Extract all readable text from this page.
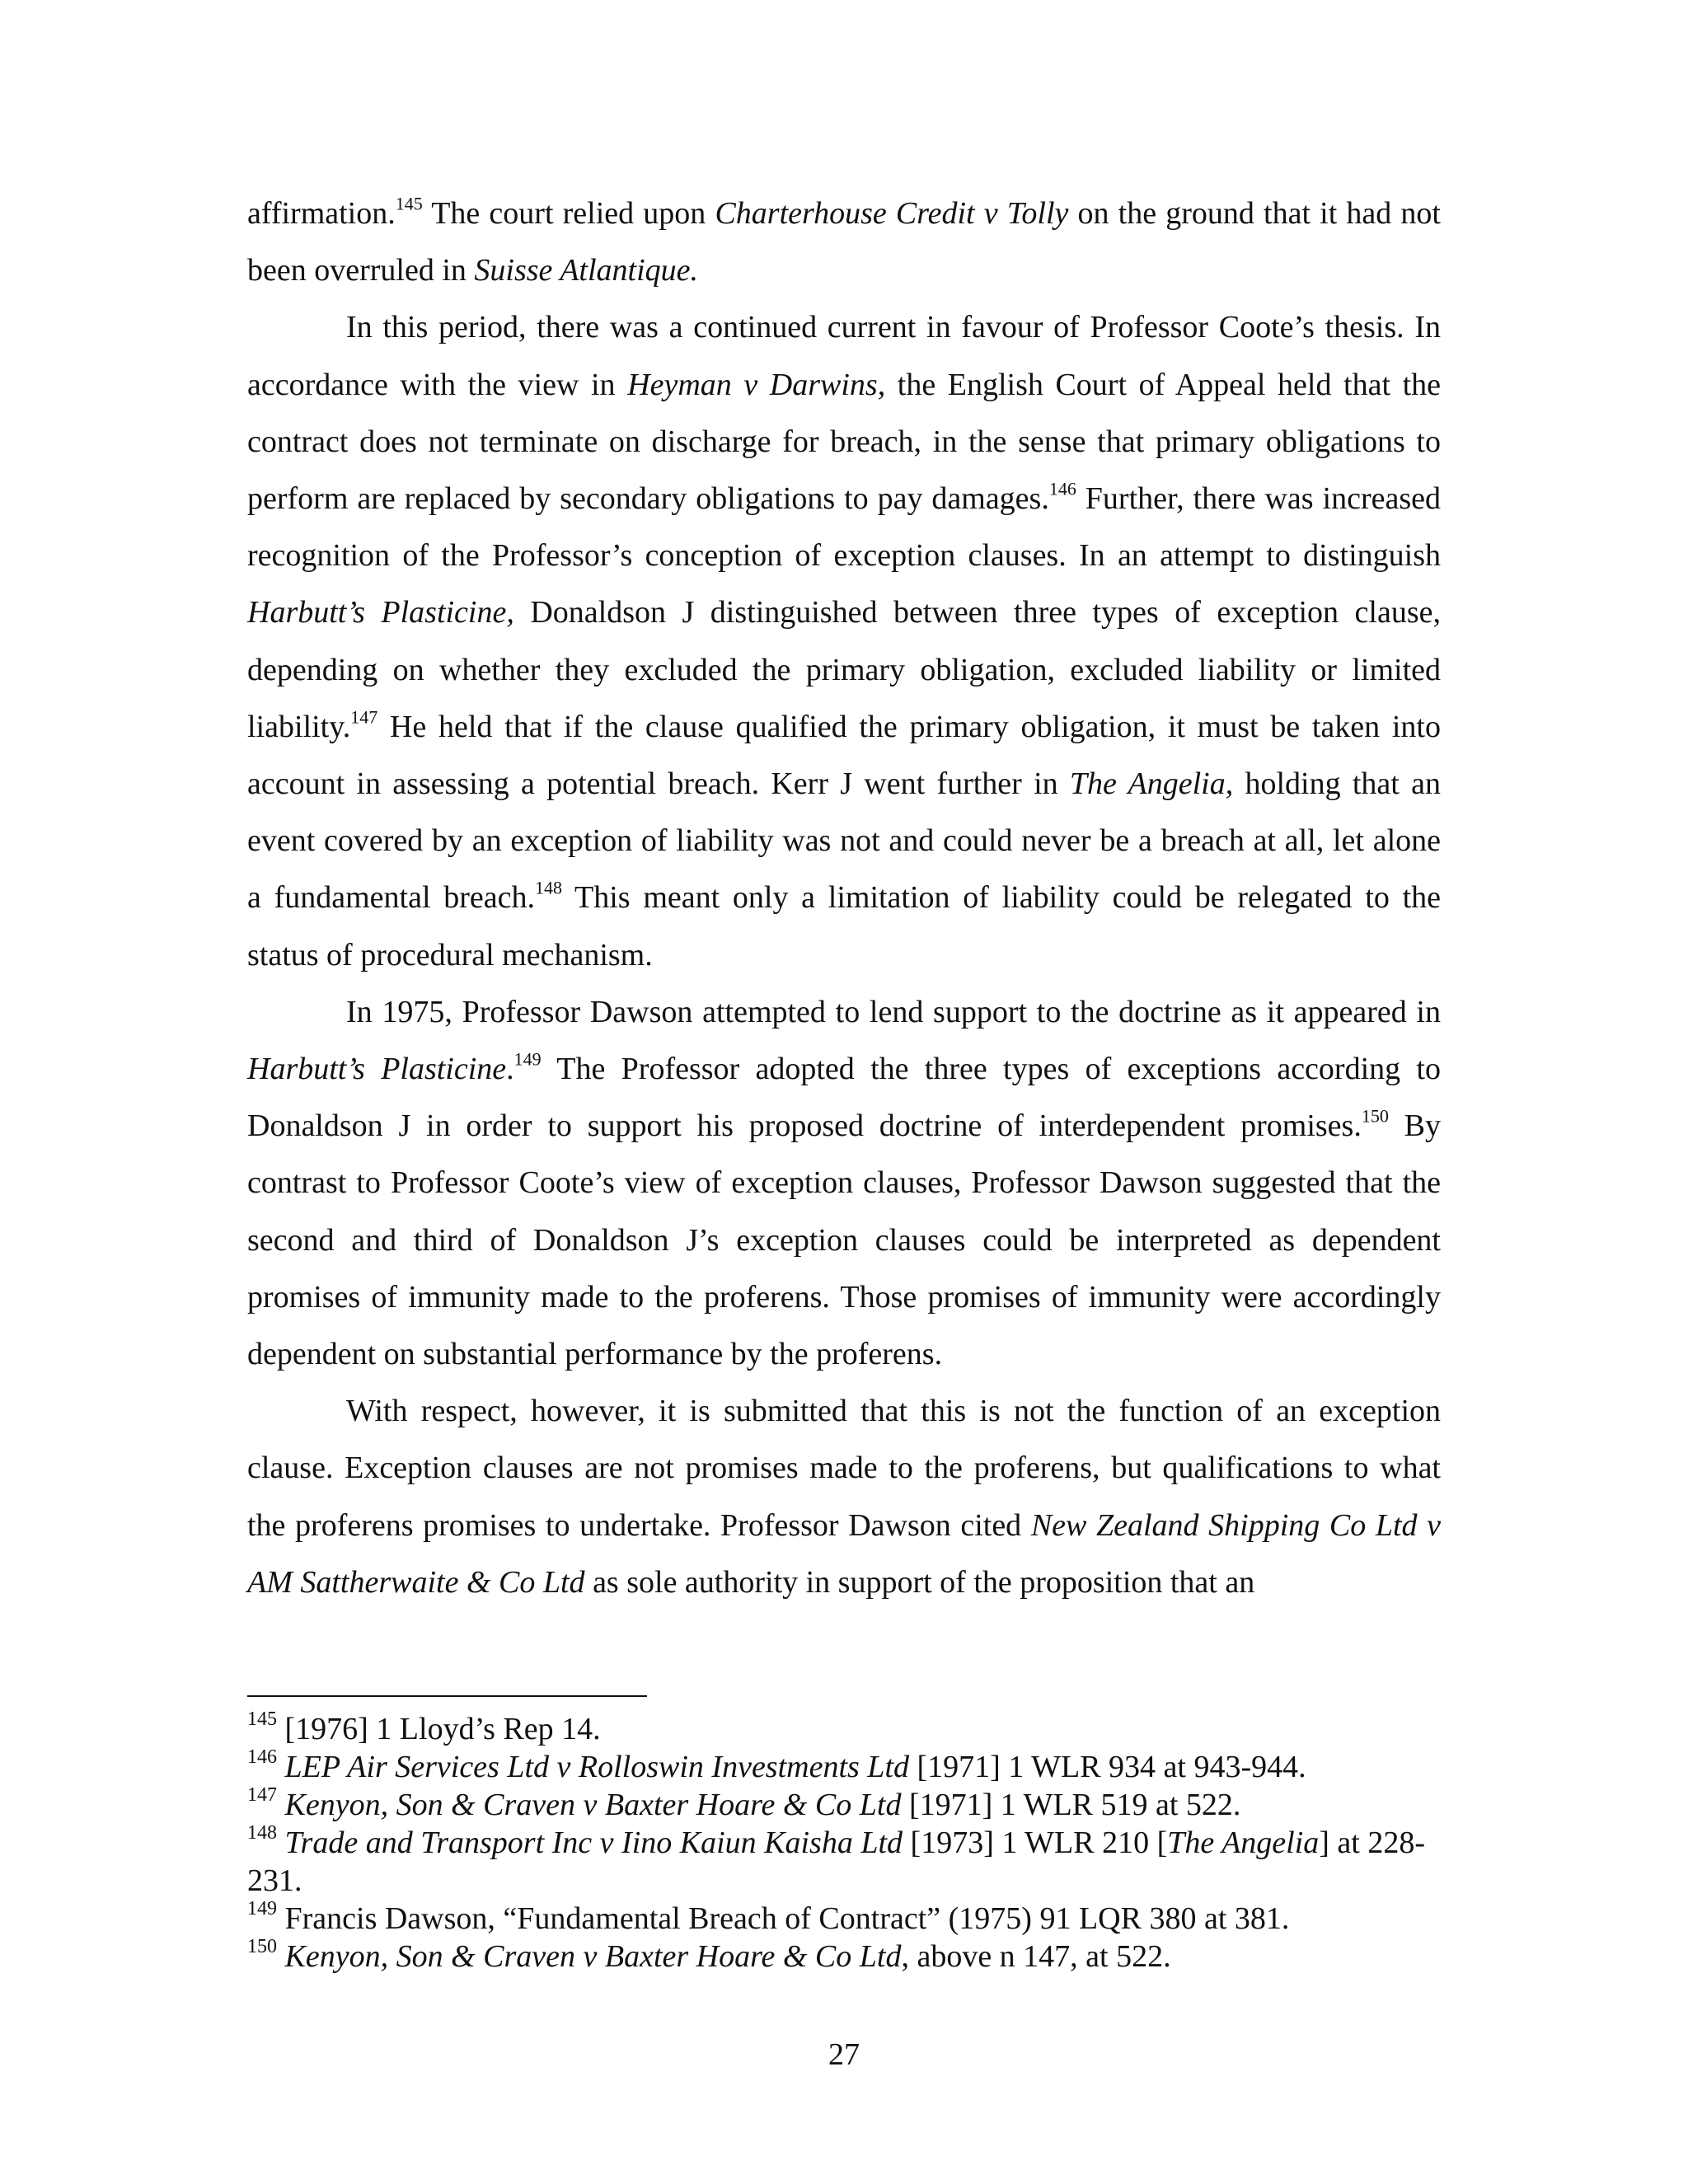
affirmation.$^{145}$ The court relied upon Charterhouse Credit v Tolly on the ground that it had not been overruled in Suisse Atlantique.

In this period, there was a continued current in favour of Professor Coote’s thesis. In accordance with the view in Heyman v Darwins, the English Court of Appeal held that the contract does not terminate on discharge for breach, in the sense that primary obligations to perform are replaced by secondary obligations to pay damages.$^{146}$ Further, there was increased recognition of the Professor’s conception of exception clauses. In an attempt to distinguish Harbutt’s Plasticine, Donaldson J distinguished between three types of exception clause, depending on whether they excluded the primary obligation, excluded liability or limited liability.$^{147}$ He held that if the clause qualified the primary obligation, it must be taken into account in assessing a potential breach. Kerr J went further in The Angelia, holding that an event covered by an exception of liability was not and could never be a breach at all, let alone a fundamental breach.$^{148}$ This meant only a limitation of liability could be relegated to the status of procedural mechanism.

In 1975, Professor Dawson attempted to lend support to the doctrine as it appeared in Harbutt’s Plasticine.$^{149}$ The Professor adopted the three types of exceptions according to Donaldson J in order to support his proposed doctrine of interdependent promises.$^{150}$ By contrast to Professor Coote’s view of exception clauses, Professor Dawson suggested that the second and third of Donaldson J’s exception clauses could be interpreted as dependent promises of immunity made to the proferens. Those promises of immunity were accordingly dependent on substantial performance by the proferens.

With respect, however, it is submitted that this is not the function of an exception clause. Exception clauses are not promises made to the proferens, but qualifications to what the proferens promises to undertake. Professor Dawson cited New Zealand Shipping Co Ltd v AM Sattherwaite & Co Ltd as sole authority in support of the proposition that an

$^{145}$ [1976] 1 Lloyd’s Rep 14.
$^{146}$ LEP Air Services Ltd v Rolloswin Investments Ltd [1971] 1 WLR 934 at 943-944.
$^{147}$ Kenyon, Son & Craven v Baxter Hoare & Co Ltd [1971] 1 WLR 519 at 522.
$^{148}$ Trade and Transport Inc v Iino Kaiun Kaisha Ltd [1973] 1 WLR 210 [The Angelia] at 228-231.
$^{149}$ Francis Dawson, “Fundamental Breach of Contract” (1975) 91 LQR 380 at 381.
$^{150}$ Kenyon, Son & Craven v Baxter Hoare & Co Ltd, above n 147, at 522.
27
